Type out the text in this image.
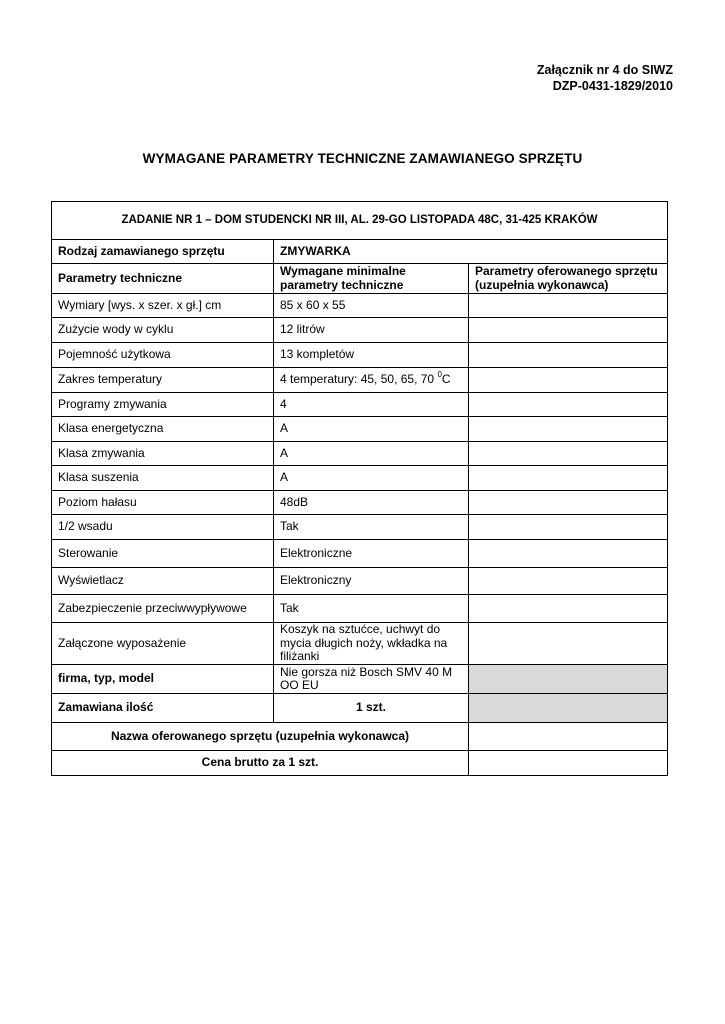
Załącznik nr 4 do SIWZ
DZP-0431-1829/2010
WYMAGANE PARAMETRY TECHNICZNE ZAMAWIANEGO SPRZĘTU
ZADANIE NR 1 – DOM STUDENCKI NR III, AL. 29-GO LISTOPADA 48C, 31-425 KRAKÓW		
Rodzaj zamawianego sprzętu	ZMYWARKA	
Parametry techniczne	Wymagane minimalne parametry techniczne	Parametry oferowanego sprzętu (uzupełnia wykonawca)
Wymiary [wys. x szer. x gł.] cm	85 x 60 x 55	
Zużycie wody w cyklu	12 litrów	
Pojemność użytkowa	13 kompletów	
Zakres temperatury	4 temperatury: 45, 50, 65, 70 $^0$C	
Programy zmywania	4	
Klasa energetyczna	A	
Klasa zmywania	A	
Klasa suszenia	A	
Poziom hałasu	48dB	
1/2 wsadu	Tak	
Sterowanie	Elektroniczne	
Wyświetlacz	Elektroniczny	
Zabezpieczenie przeciwwypływowe	Tak	
Załączone wyposażenie	Koszyk na sztućce, uchwyt do mycia długich noży, wkładka na filiżanki	
firma, typ, model	Nie gorsza niż Bosch SMV 40 M OO EU	
Zamawiana ilość	1 szt.	
Nazwa oferowanego sprzętu (uzupełnia wykonawca)		
Cena brutto za 1 szt.		
